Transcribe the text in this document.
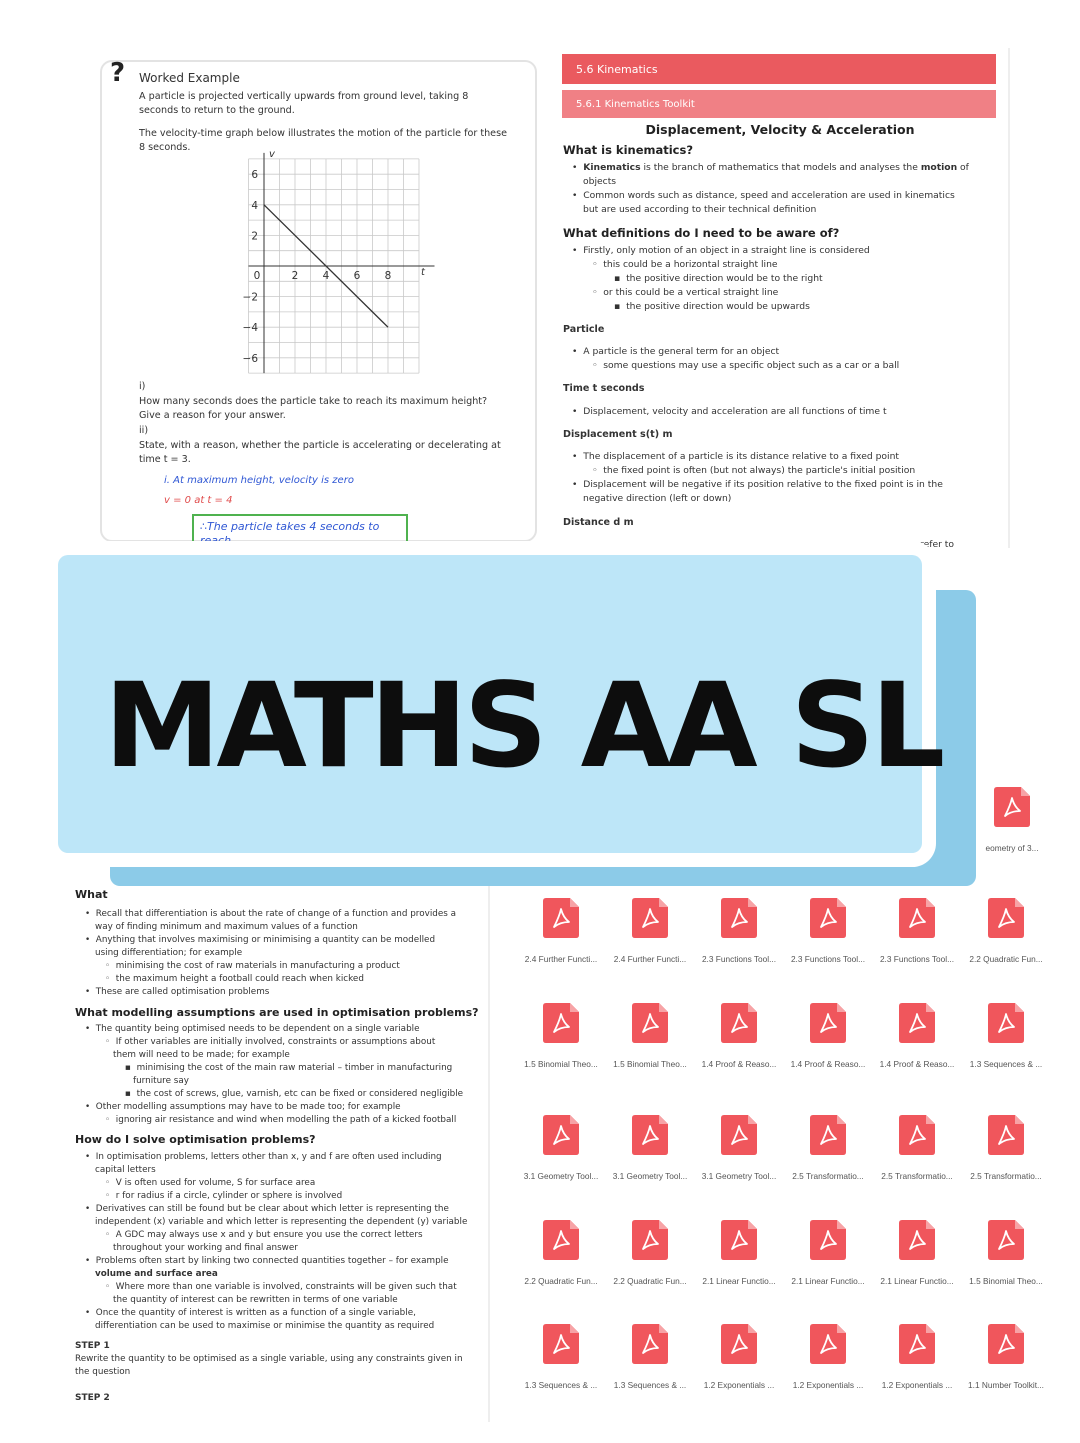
? Worked Example
A particle is projected vertically upwards from ground level, taking 8 seconds to return to the ground.
The velocity-time graph below illustrates the motion of the particle for these 8 seconds.
v
t
6
4
2
−2
−4
−6
0	2 4 6 8
i)
How many seconds does the particle take to reach its maximum height? Give a reason for your answer.
ii)
State, with a reason, whether the particle is accelerating or decelerating at time t = 3.
i. At maximum height, velocity is zero
v = 0 at t = 4
∴The particle takes 4 seconds to reach
5.6 Kinematics
5.6.1 Kinematics Toolkit
Displacement, Velocity & Acceleration
What is kinematics?
•  Kinematics is the branch of mathematics that models and analyses the motion of
objects
•  Common words such as distance, speed and acceleration are used in kinematics
but are used according to their technical definition
What definitions do I need to be aware of?
•  Firstly, only motion of an object in a straight line is considered
◦  this could be a horizontal straight line
▪  the positive direction would be to the right
◦  or this could be a vertical straight line
▪  the positive direction would be upwards
Particle
•  A particle is the general term for an object
◦  some questions may use a specific object such as a car or a ball
Time t seconds
•  Displacement, velocity and acceleration are all functions of time t
Displacement s(t) m
•  The displacement of a particle is its distance relative to a fixed point
◦  the fixed point is often (but not always) the particle's initial position
•  Displacement will be negative if its position relative to the fixed point is in the
negative direction (left or down)
Distance d m
refer to
What
•  Recall that differentiation is about the rate of change of a function and provides a
way of finding minimum and maximum values of a function
•  Anything that involves maximising or minimising a quantity can be modelled
using differentiation; for example
◦  minimising the cost of raw materials in manufacturing a product
◦  the maximum height a football could reach when kicked
•  These are called optimisation problems
What modelling assumptions are used in optimisation problems?
•  The quantity being optimised needs to be dependent on a single variable
◦  If other variables are initially involved, constraints or assumptions about
them will need to be made; for example
▪  minimising the cost of the main raw material – timber in manufacturing
furniture say
▪  the cost of screws, glue, varnish, etc can be fixed or considered negligible
•  Other modelling assumptions may have to be made too; for example
◦  ignoring air resistance and wind when modelling the path of a kicked football
How do I solve optimisation problems?
•  In optimisation problems, letters other than x, y and f are often used including
capital letters
◦  V is often used for volume, S for surface area
◦  r for radius if a circle, cylinder or sphere is involved
•  Derivatives can still be found but be clear about which letter is representing the
independent (x) variable and which letter is representing the dependent (y) variable
◦  A GDC may always use x and y but ensure you use the correct letters
throughout your working and final answer
•  Problems often start by linking two connected quantities together – for example
volume and surface area
◦  Where more than one variable is involved, constraints will be given such that
the quantity of interest can be rewritten in terms of one variable
•  Once the quantity of interest is written as a function of a single variable,
differentiation can be used to maximise or minimise the quantity as required
STEP 1
Rewrite the quantity to be optimised as a single variable, using any constraints given in
the question
STEP 2
eometry of 3...
2.4 Further Functi...	2.4 Further Functi...	2.3 Functions Tool...	2.3 Functions Tool...	2.3 Functions Tool...	2.2 Quadratic Fun...
1.5 Binomial Theo...	1.5 Binomial Theo...	1.4 Proof & Reaso...	1.4 Proof & Reaso...	1.4 Proof & Reaso...	1.3 Sequences & ...
3.1 Geometry Tool...	3.1 Geometry Tool...	3.1 Geometry Tool...	2.5 Transformatio...	2.5 Transformatio...	2.5 Transformatio...
2.2 Quadratic Fun...	2.2 Quadratic Fun...	2.1 Linear Functio...	2.1 Linear Functio...	2.1 Linear Functio...	1.5 Binomial Theo...
1.3 Sequences & ...	1.3 Sequences & ...	1.2 Exponentials ...	1.2 Exponentials ...	1.2 Exponentials ...	1.1 Number Toolkit...
MATHS AA SL
